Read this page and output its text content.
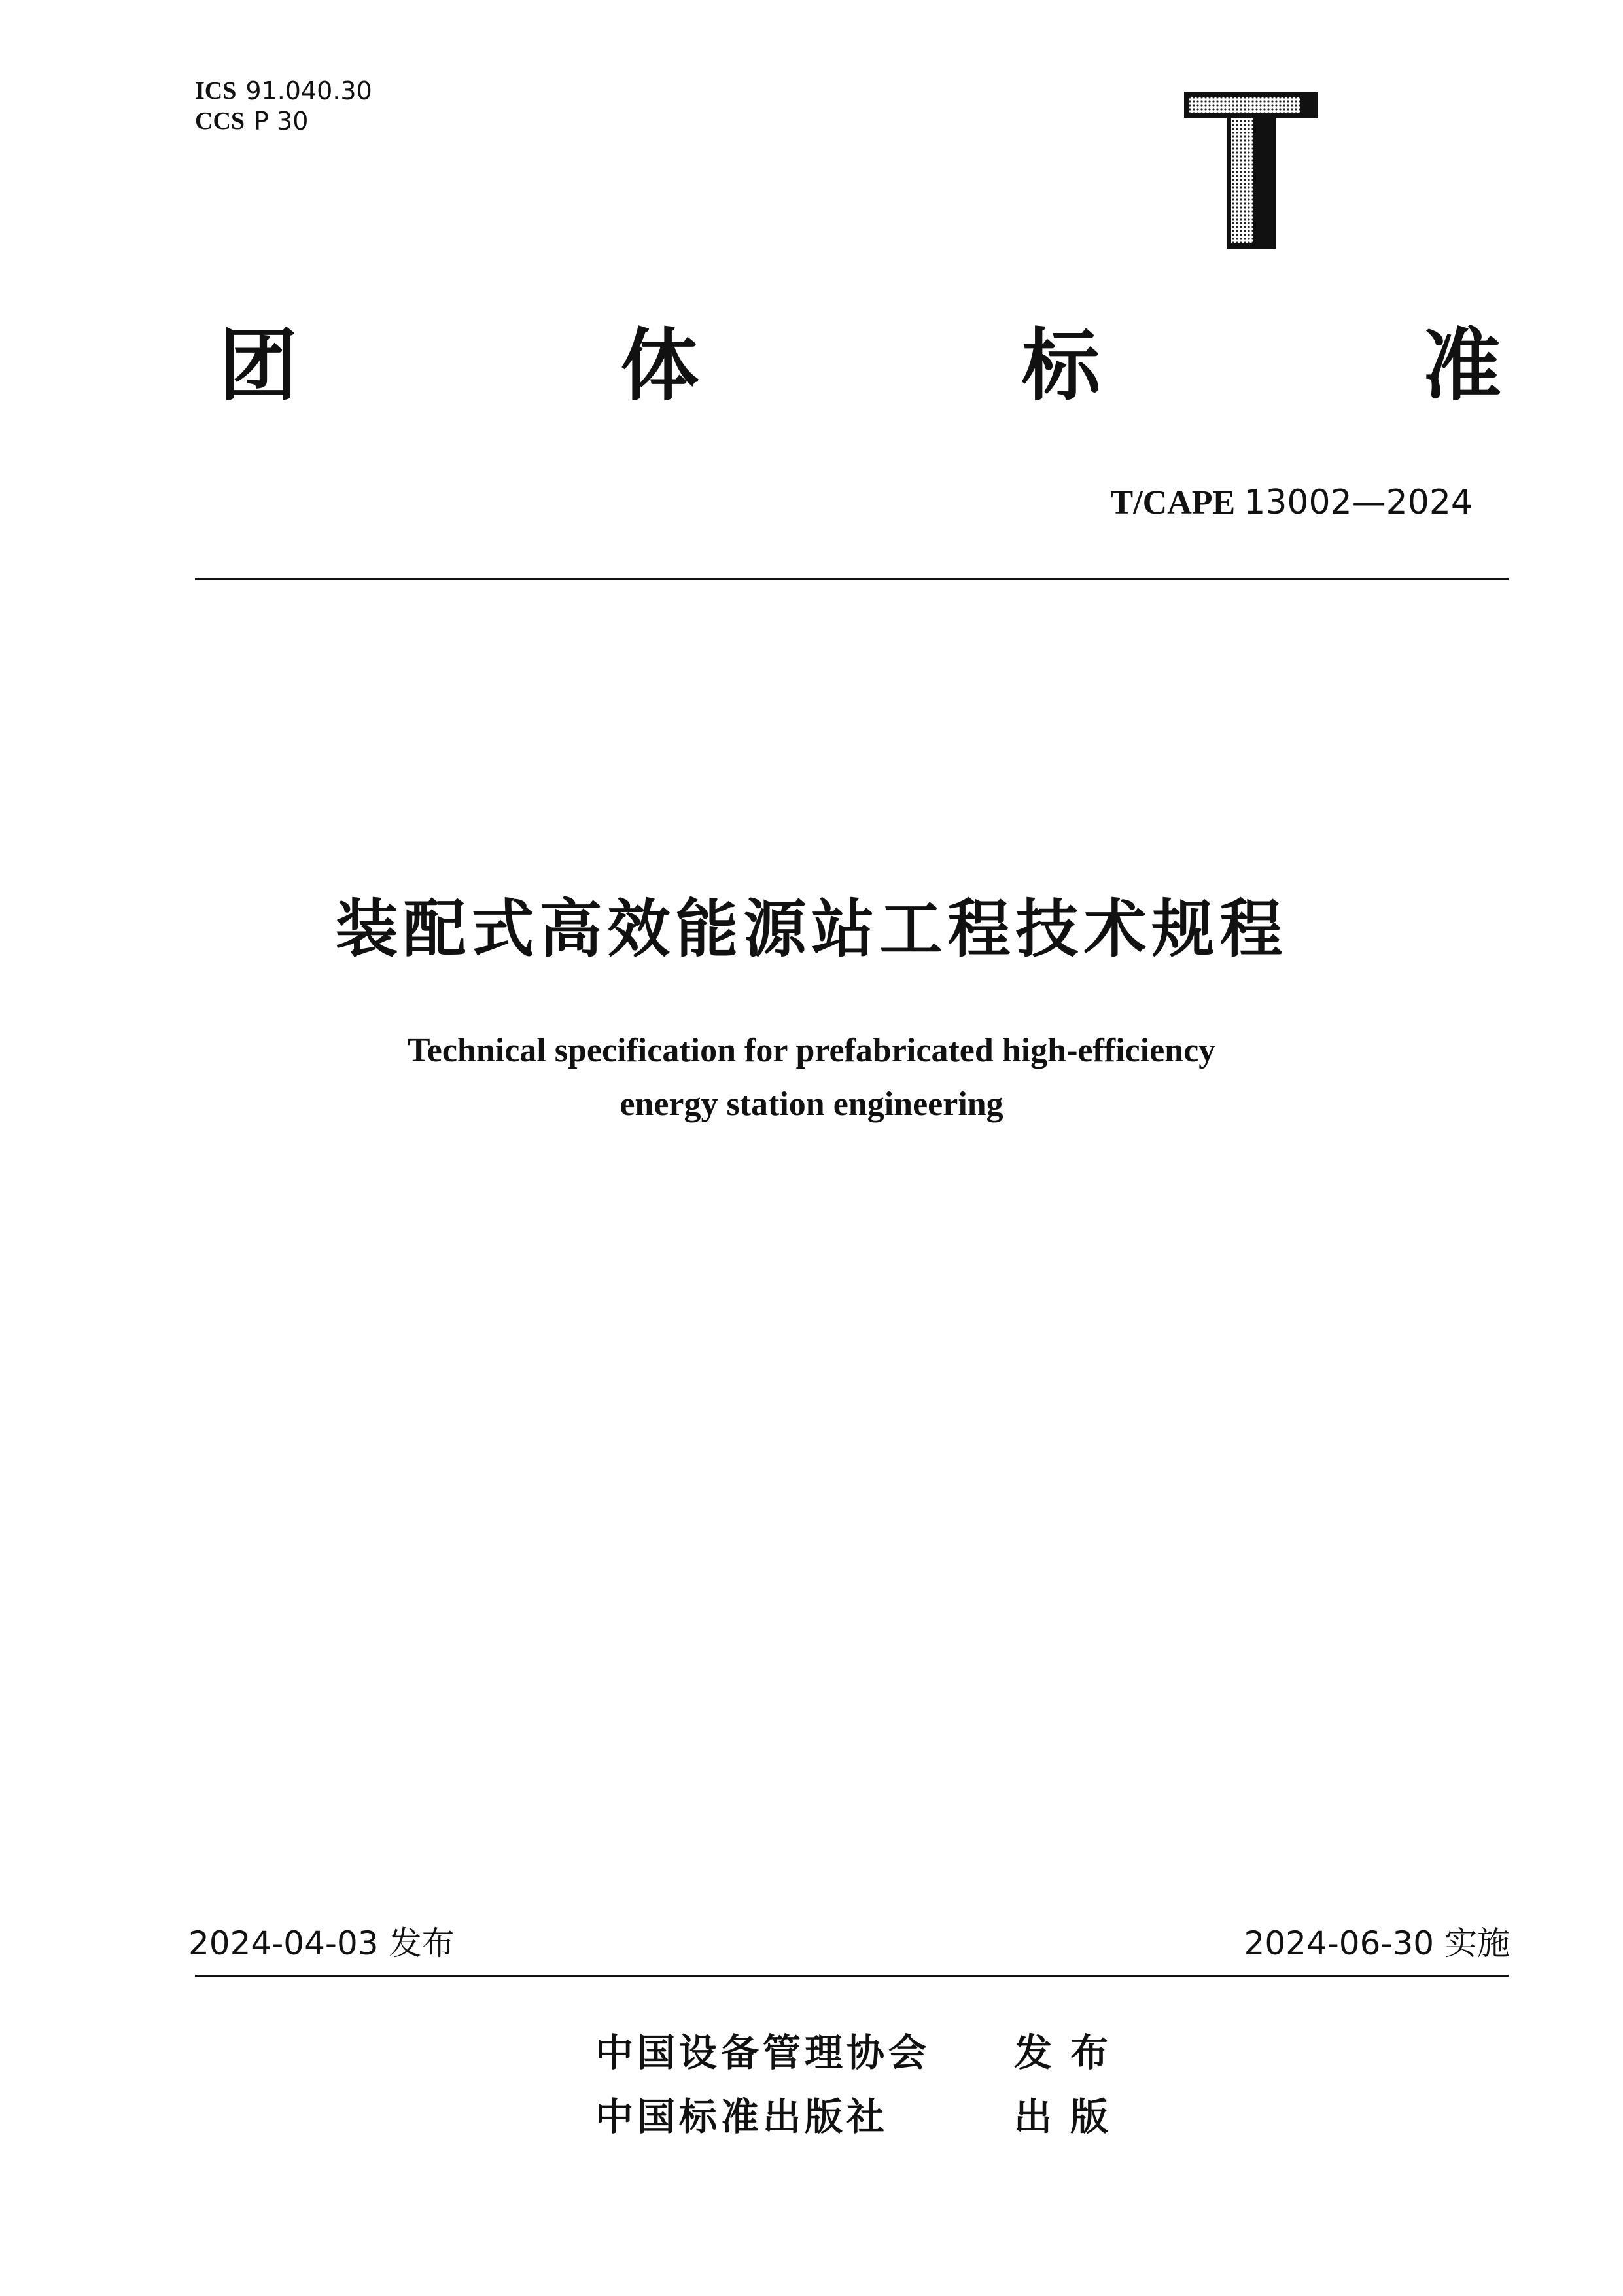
ICS 91.040.30
CCS P 30
团	体	标	准
T/CAPE 13002—2024
装配式高效能源站工程技术规程
Technical specification for prefabricated high-efficiency
energy station engineering
2024-04-03 发布	2024-06-30 实施
中国设备管理协会	发布
中国标准出版社	出版
